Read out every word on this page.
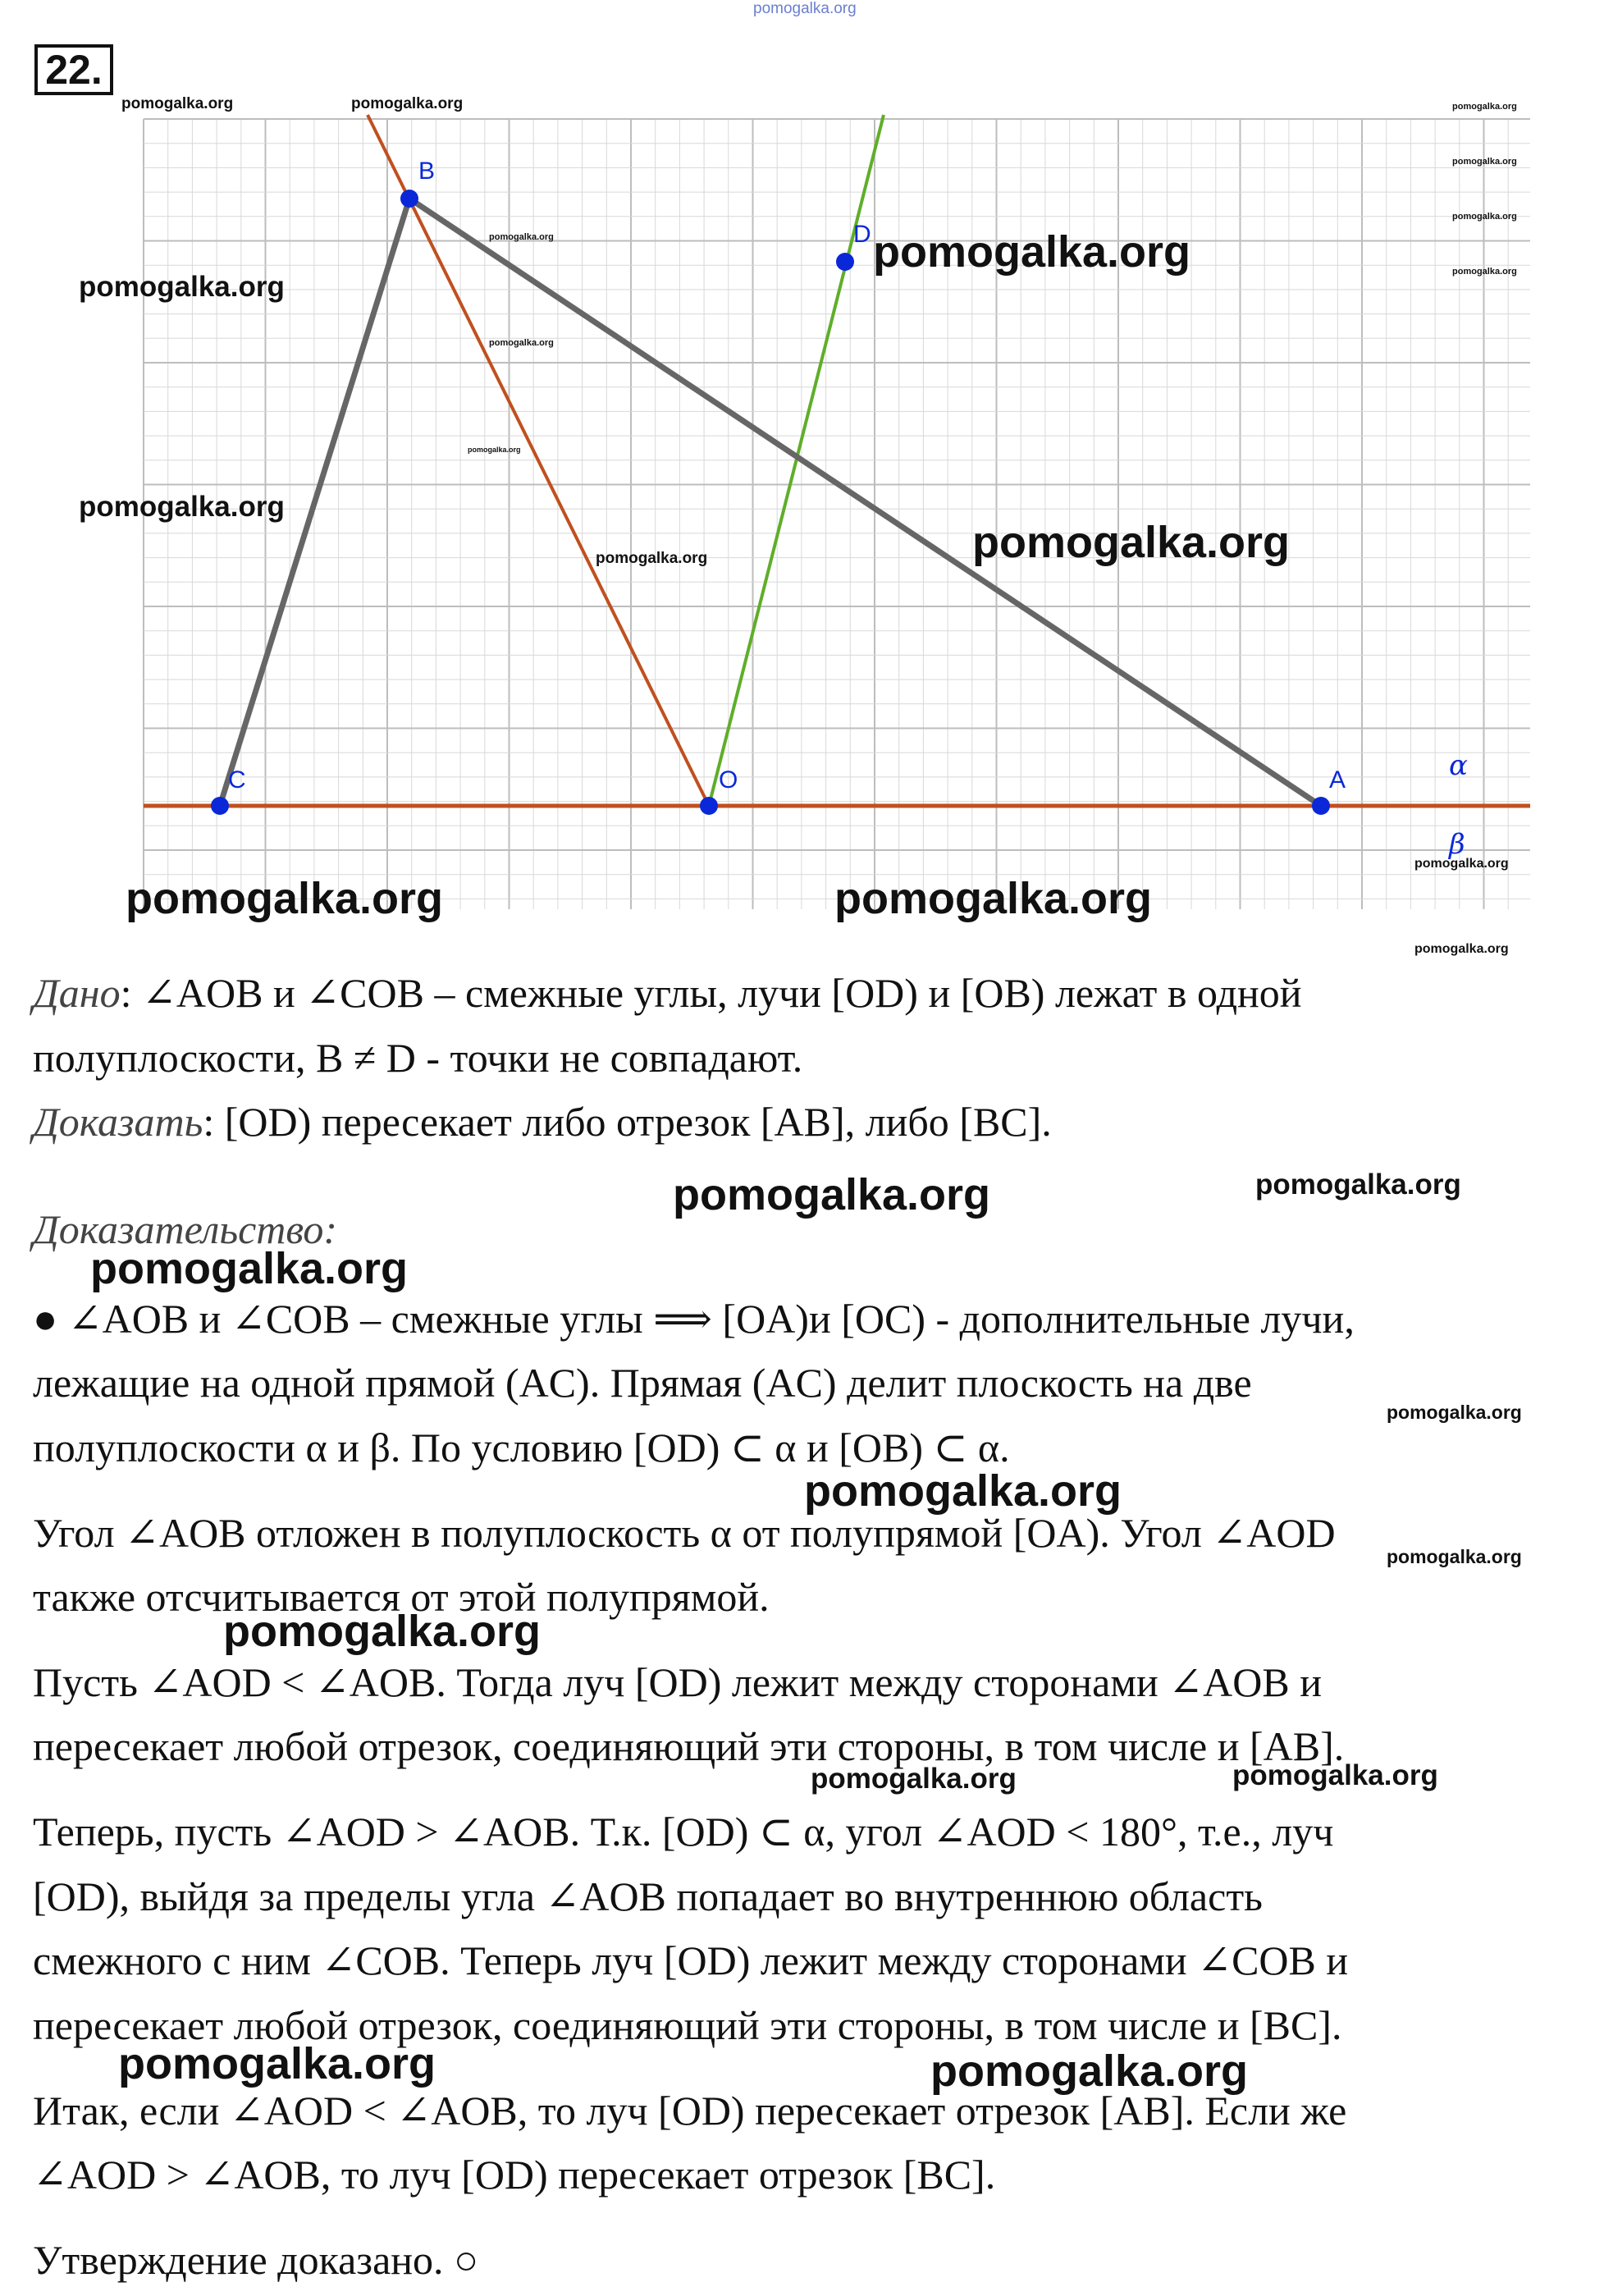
pomogalka.org
22.
B
D
C	O	A	α
β
pomogalka.org	pomogalka.org	pomogalka.org
pomogalka.org
pomogalka.org
pomogalka.org
pomogalka.org
pomogalka.org
pomogalka.org
pomogalka.org
pomogalka.org
pomogalka.org
pomogalka.org
pomogalka.org
pomogalka.org	pomogalka.org
pomogalka.org
pomogalka.org
pomogalka.org	pomogalka.org
pomogalka.org
pomogalka.org
pomogalka.org
pomogalka.org
pomogalka.org
pomogalka.org	pomogalka.org
pomogalka.org	pomogalka.org
Дано: ∠AOB и ∠COB – смежные углы, лучи [OD) и [OB) лежат в одной
полуплоскости, B ≠ D - точки не совпадают.
Доказать: [OD) пересекает либо отрезок [AB], либо [BC].
Доказательство:
● ∠AOB и ∠COB – смежные углы ⟹ [OA)и [OC) - дополнительные лучи,
лежащие на одной прямой (AC). Прямая (AC) делит плоскость на две
полуплоскости α и β. По условию [OD) ⊂ α и [OB) ⊂ α.
Угол ∠AOB отложен в полуплоскость α от полупрямой [OA). Угол ∠AOD
также отсчитывается от этой полупрямой.
Пусть ∠AOD < ∠AOB. Тогда луч [OD) лежит между сторонами ∠AOB и
пересекает любой отрезок, соединяющий эти стороны, в том числе и [AB].
Теперь, пусть ∠AOD > ∠AOB. Т.к. [OD) ⊂ α, угол ∠AOD < 180°, т.е., луч
[OD), выйдя за пределы угла ∠AOB попадает во внутреннюю область
смежного с ним ∠COB. Теперь луч [OD) лежит между сторонами ∠COB и
пересекает любой отрезок, соединяющий эти стороны, в том числе и [BC].
Итак, если ∠AOD < ∠AOB, то луч [OD) пересекает отрезок [AB]. Если же
∠AOD > ∠AOB, то луч [OD) пересекает отрезок [BC].
Утверждение доказано. ○
